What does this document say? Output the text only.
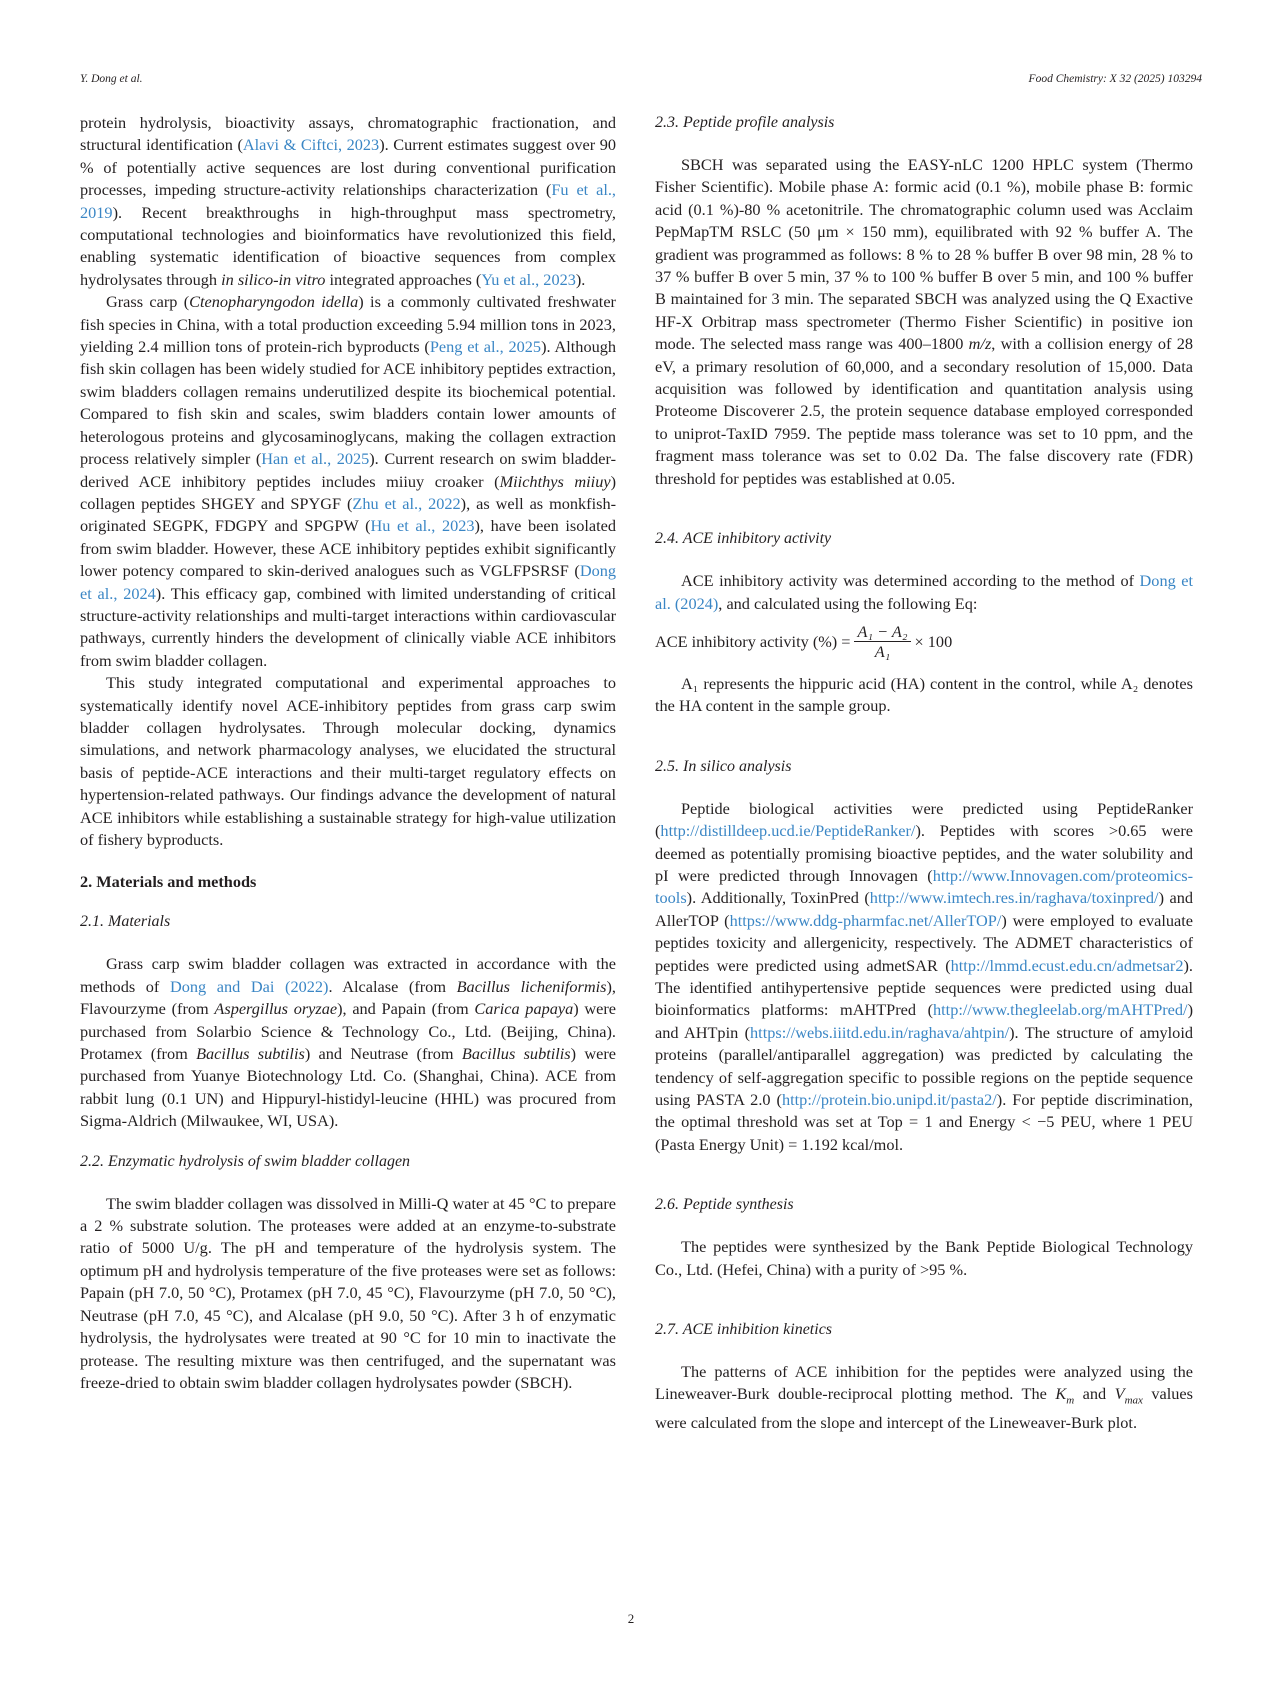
Y. Dong et al.	Food Chemistry: X 32 (2025) 103294

protein hydrolysis, bioactivity assays, chromatographic fractionation, and structural identification (Alavi & Ciftci, 2023). Current estimates suggest over 90 % of potentially active sequences are lost during conventional purification processes, impeding structure-activity relationships characterization (Fu et al., 2019). Recent breakthroughs in high-throughput mass spectrometry, computational technologies and bioinformatics have revolutionized this field, enabling systematic identification of bioactive sequences from complex hydrolysates through in silico-in vitro integrated approaches (Yu et al., 2023).

Grass carp (Ctenopharyngodon idella) is a commonly cultivated freshwater fish species in China, with a total production exceeding 5.94 million tons in 2023, yielding 2.4 million tons of protein-rich byproducts (Peng et al., 2025). Although fish skin collagen has been widely studied for ACE inhibitory peptides extraction, swim bladders collagen remains underutilized despite its biochemical potential. Compared to fish skin and scales, swim bladders contain lower amounts of heterologous proteins and glycosaminoglycans, making the collagen extraction process relatively simpler (Han et al., 2025). Current research on swim bladder-derived ACE inhibitory peptides includes miiuy croaker (Miichthys miiuy) collagen peptides SHGEY and SPYGF (Zhu et al., 2022), as well as monkfish-originated SEGPK, FDGPY and SPGPW (Hu et al., 2023), have been isolated from swim bladder. However, these ACE inhibitory peptides exhibit significantly lower potency compared to skin-derived analogues such as VGLFPSRSF (Dong et al., 2024). This efficacy gap, combined with limited understanding of critical structure-activity relationships and multi-target interactions within cardiovascular pathways, currently hinders the development of clinically viable ACE inhibitors from swim bladder collagen.

This study integrated computational and experimental approaches to systematically identify novel ACE-inhibitory peptides from grass carp swim bladder collagen hydrolysates. Through molecular docking, dynamics simulations, and network pharmacology analyses, we elucidated the structural basis of peptide-ACE interactions and their multi-target regulatory effects on hypertension-related pathways. Our findings advance the development of natural ACE inhibitors while establishing a sustainable strategy for high-value utilization of fishery byproducts.

2. Materials and methods
2.1. Materials

Grass carp swim bladder collagen was extracted in accordance with the methods of Dong and Dai (2022). Alcalase (from Bacillus licheniformis), Flavourzyme (from Aspergillus oryzae), and Papain (from Carica papaya) were purchased from Solarbio Science & Technology Co., Ltd. (Beijing, China). Protamex (from Bacillus subtilis) and Neutrase (from Bacillus subtilis) were purchased from Yuanye Biotechnology Ltd. Co. (Shanghai, China). ACE from rabbit lung (0.1 UN) and Hippuryl-histidyl-leucine (HHL) was procured from Sigma-Aldrich (Milwaukee, WI, USA).

2.2. Enzymatic hydrolysis of swim bladder collagen

The swim bladder collagen was dissolved in Milli-Q water at 45 °C to prepare a 2 % substrate solution. The proteases were added at an enzyme-to-substrate ratio of 5000 U/g. The pH and temperature of the hydrolysis system. The optimum pH and hydrolysis temperature of the five proteases were set as follows: Papain (pH 7.0, 50 °C), Protamex (pH 7.0, 45 °C), Flavourzyme (pH 7.0, 50 °C), Neutrase (pH 7.0, 45 °C), and Alcalase (pH 9.0, 50 °C). After 3 h of enzymatic hydrolysis, the hydrolysates were treated at 90 °C for 10 min to inactivate the protease. The resulting mixture was then centrifuged, and the supernatant was freeze-dried to obtain swim bladder collagen hydrolysates powder (SBCH).

2.3. Peptide profile analysis

SBCH was separated using the EASY-nLC 1200 HPLC system (Thermo Fisher Scientific). Mobile phase A: formic acid (0.1 %), mobile phase B: formic acid (0.1 %)-80 % acetonitrile. The chromatographic column used was Acclaim PepMapTM RSLC (50 μm × 150 mm), equilibrated with 92 % buffer A. The gradient was programmed as follows: 8 % to 28 % buffer B over 98 min, 28 % to 37 % buffer B over 5 min, 37 % to 100 % buffer B over 5 min, and 100 % buffer B maintained for 3 min. The separated SBCH was analyzed using the Q Exactive HF-X Orbitrap mass spectrometer (Thermo Fisher Scientific) in positive ion mode. The selected mass range was 400–1800 m/z, with a collision energy of 28 eV, a primary resolution of 60,000, and a secondary resolution of 15,000. Data acquisition was followed by identification and quantitation analysis using Proteome Discoverer 2.5, the protein sequence database employed corresponded to uniprot-TaxID 7959. The peptide mass tolerance was set to 10 ppm, and the fragment mass tolerance was set to 0.02 Da. The false discovery rate (FDR) threshold for peptides was established at 0.05.

2.4. ACE inhibitory activity

ACE inhibitory activity was determined according to the method of Dong et al. (2024), and calculated using the following Eq:

ACE inhibitory activity (%) = $\frac{\text{A₁ − A₂}}{\text{A₁}} \times 100$

A₁ represents the hippuric acid (HA) content in the control, while A₂ denotes the HA content in the sample group.

2.5. In silico analysis

Peptide biological activities were predicted using PeptideRanker (http://distilldeep.ucd.ie/PeptideRanker/). Peptides with scores >0.65 were deemed as potentially promising bioactive peptides, and the water solubility and pI were predicted through Innovagen (http://www.Innovagen.com/proteomics-tools). Additionally, ToxinPred (http://www.imtech.res.in/raghava/toxinpred/) and AllerTOP (https://www.ddg-pharmfac.net/AllerTOP/) were employed to evaluate peptides toxicity and allergenicity, respectively. The ADMET characteristics of peptides were predicted using admetSAR (http://lmmd.ecust.edu.cn/admetsar2). The identified antihypertensive peptide sequences were predicted using dual bioinformatics platforms: mAHTPred (http://www.thegleelab.org/mAHTPred/) and AHTpin (https://webs.iiitd.edu.in/raghava/ahtpin/). The structure of amyloid proteins (parallel/antiparallel aggregation) was predicted by calculating the tendency of self-aggregation specific to possible regions on the peptide sequence using PASTA 2.0 (http://protein.bio.unipd.it/pasta2/). For peptide discrimination, the optimal threshold was set at Top = 1 and Energy < −5 PEU, where 1 PEU (Pasta Energy Unit) = 1.192 kcal/mol.

2.6. Peptide synthesis

The peptides were synthesized by the Bank Peptide Biological Technology Co., Ltd. (Hefei, China) with a purity of >95 %.

2.7. ACE inhibition kinetics

The patterns of ACE inhibition for the peptides were analyzed using the Lineweaver-Burk double-reciprocal plotting method. The $K_m$ and $V_{max}$ values were calculated from the slope and intercept of the Lineweaver-Burk plot.

2
